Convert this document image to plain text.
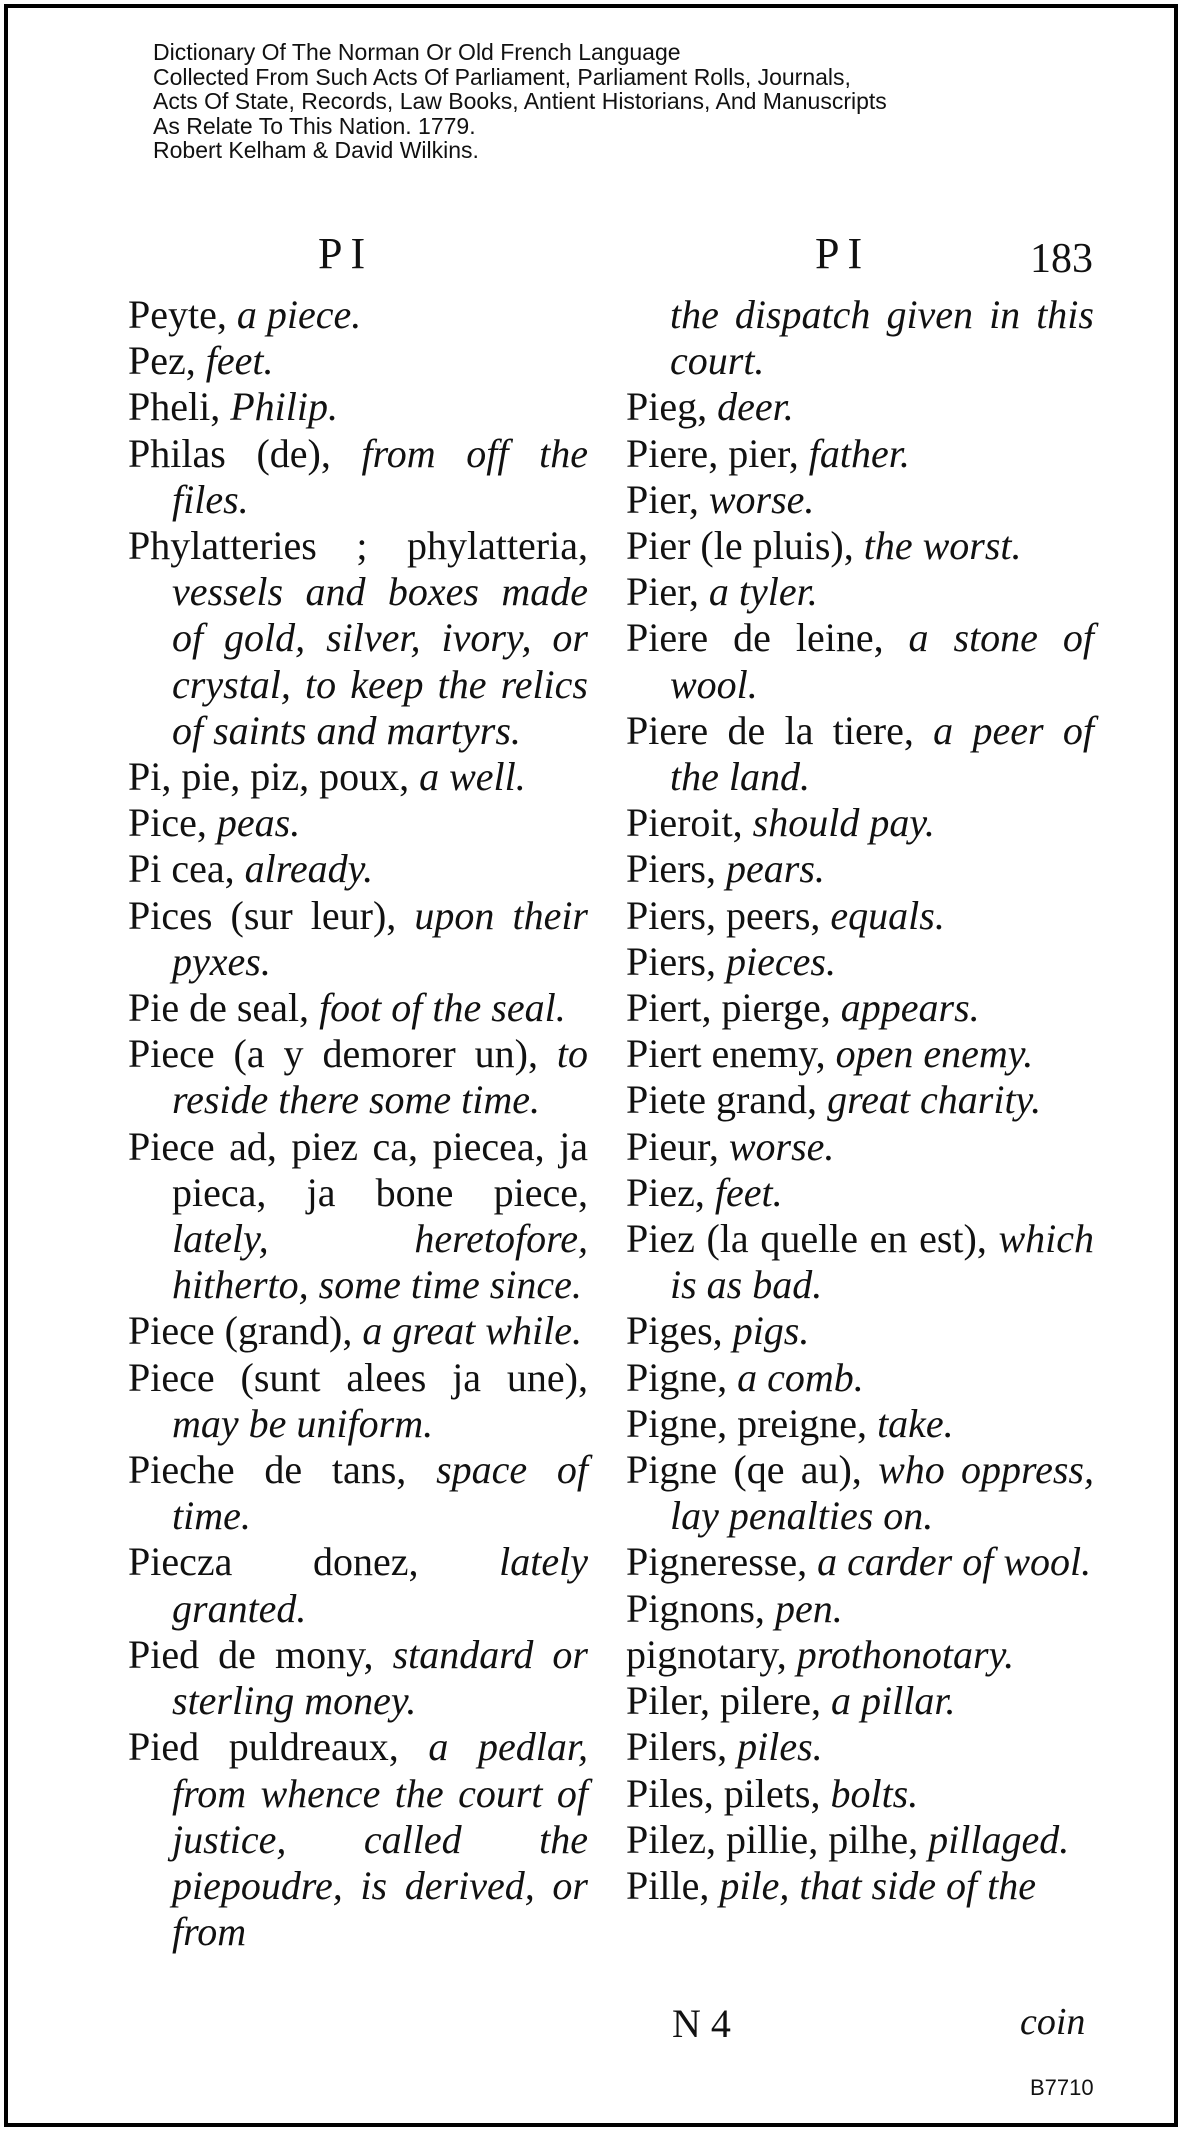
Dictionary Of The Norman Or Old French Language
Collected From Such Acts Of Parliament, Parliament Rolls, Journals,
Acts Of State, Records, Law Books, Antient Historians, And Manuscripts
As Relate To This Nation. 1779.
Robert Kelham & David Wilkins.
PI	PI	183
Peyte, a piece.
Pez, feet.
Pheli, Philip.
Philas (de), from off the files.
Phylatteries ; phylatteria, vessels and boxes made of gold, silver, ivory, or crystal, to keep the relics of saints and martyrs.
Pi, pie, piz, poux, a well.
Pice, peas.
Pi cea, already.
Pices (sur leur), upon their pyxes.
Pie de seal, foot of the seal.
Piece (a y demorer un), to reside there some time.
Piece ad, piez ca, piecea, ja pieca, ja bone piece, lately, heretofore, hitherto, some time since.
Piece (grand), a great while.
Piece (sunt alees ja une), may be uniform.
Pieche de tans, space of time.
Piecza donez, lately granted.
Pied de mony, standard or sterling money.
Pied puldreaux, a pedlar, from whence the court of justice, called the piepoudre, is derived, or from
the dispatch given in this court.
Pieg, deer.
Piere, pier, father.
Pier, worse.
Pier (le pluis), the worst.
Pier, a tyler.
Piere de leine, a stone of wool.
Piere de la tiere, a peer of the land.
Pieroit, should pay.
Piers, pears.
Piers, peers, equals.
Piers, pieces.
Piert, pierge, appears.
Piert enemy, open enemy.
Piete grand, great charity.
Pieur, worse.
Piez, feet.
Piez (la quelle en est), which is as bad.
Piges, pigs.
Pigne, a comb.
Pigne, preigne, take.
Pigne (qe au), who oppress, lay penalties on.
Pigneresse, a carder of wool.
Pignons, pen.
pignotary, prothonotary.
Piler, pilere, a pillar.
Pilers, piles.
Piles, pilets, bolts.
Pilez, pillie, pilhe, pillaged.
Pille, pile, that side of the
N 4	coin
B7710
